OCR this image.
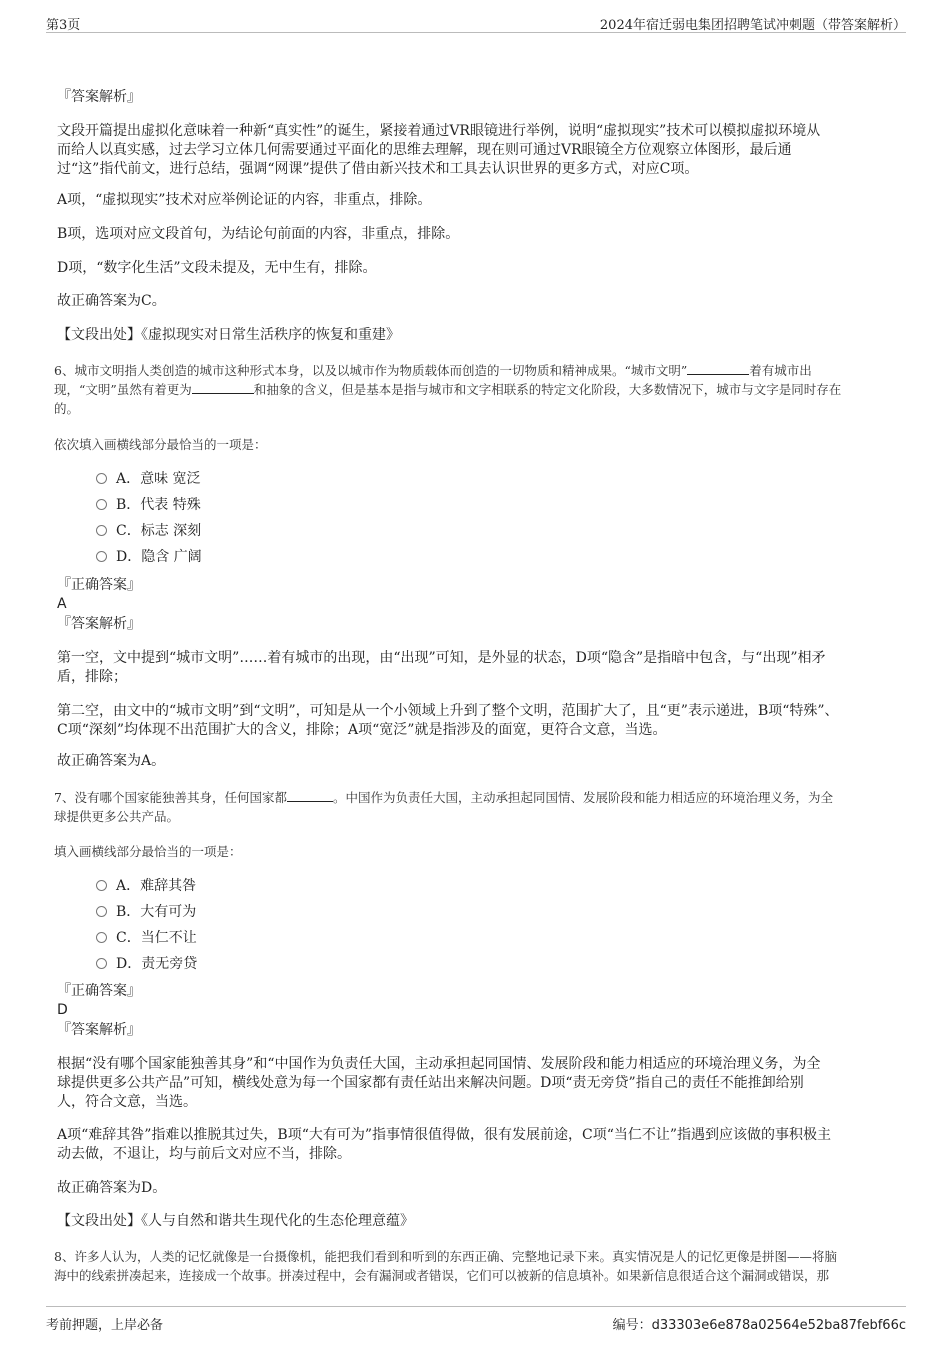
第3页	2024年宿迁弱电集团招聘笔试冲刺题（带答案解析）
『答案解析』
文段开篇提出虚拟化意味着一种新“真实性”的诞生，紧接着通过VR眼镜进行举例，说明“虚拟现实”技术可以模拟虚拟环境从
而给人以真实感，过去学习立体几何需要通过平面化的思维去理解，现在则可通过VR眼镜全方位观察立体图形，最后通
过“这”指代前文，进行总结，强调“网课”提供了借由新兴技术和工具去认识世界的更多方式，对应C项。
A项，“虚拟现实”技术对应举例论证的内容，非重点，排除。
B项，选项对应文段首句，为结论句前面的内容，非重点，排除。
D项，“数字化生活”文段未提及，无中生有，排除。
故正确答案为C。
【文段出处】《虚拟现实对日常生活秩序的恢复和重建》
6、城市文明指人类创造的城市这种形式本身，以及以城市作为物质载体而创造的一切物质和精神成果。“城市文明”	着有城市出
现，“文明”虽然有着更为	和抽象的含义，但是基本是指与城市和文字相联系的特定文化阶段，大多数情况下，城市与文字是同时存在
的。
依次填入画横线部分最恰当的一项是：
A．意味 宽泛
B．代表 特殊
C．标志 深刻
D．隐含 广阔
『正确答案』
A
『答案解析』
第一空，文中提到“城市文明”……着有城市的出现，由“出现”可知，是外显的状态，D项“隐含”是指暗中包含，与“出现”相矛
盾，排除；
第二空，由文中的“城市文明”到“文明”，可知是从一个小领域上升到了整个文明，范围扩大了，且“更”表示递进，B项“特殊”、
C项“深刻”均体现不出范围扩大的含义，排除；A项“宽泛”就是指涉及的面宽，更符合文意，当选。
故正确答案为A。
7、没有哪个国家能独善其身，任何国家都	。中国作为负责任大国，主动承担起同国情、发展阶段和能力相适应的环境治理义务，为全
球提供更多公共产品。
填入画横线部分最恰当的一项是：
A．难辞其咎
B．大有可为
C．当仁不让
D．责无旁贷
『正确答案』
D
『答案解析』
根据“没有哪个国家能独善其身”和“中国作为负责任大国，主动承担起同国情、发展阶段和能力相适应的环境治理义务，为全
球提供更多公共产品”可知，横线处意为每一个国家都有责任站出来解决问题。D项“责无旁贷”指自己的责任不能推卸给别
人，符合文意，当选。
A项“难辞其咎”指难以推脱其过失，B项“大有可为”指事情很值得做，很有发展前途，C项“当仁不让”指遇到应该做的事积极主
动去做，不退让，均与前后文对应不当，排除。
故正确答案为D。
【文段出处】《人与自然和谐共生现代化的生态伦理意蕴》
8、许多人认为，人类的记忆就像是一台摄像机，能把我们看到和听到的东西正确、完整地记录下来。真实情况是人的记忆更像是拼图——将脑
海中的线索拼凑起来，连接成一个故事。拼凑过程中，会有漏洞或者错误，它们可以被新的信息填补。如果新信息很适合这个漏洞或错误，那
考前押题，上岸必备	编号：d33303e6e878a02564e52ba87febf66c
